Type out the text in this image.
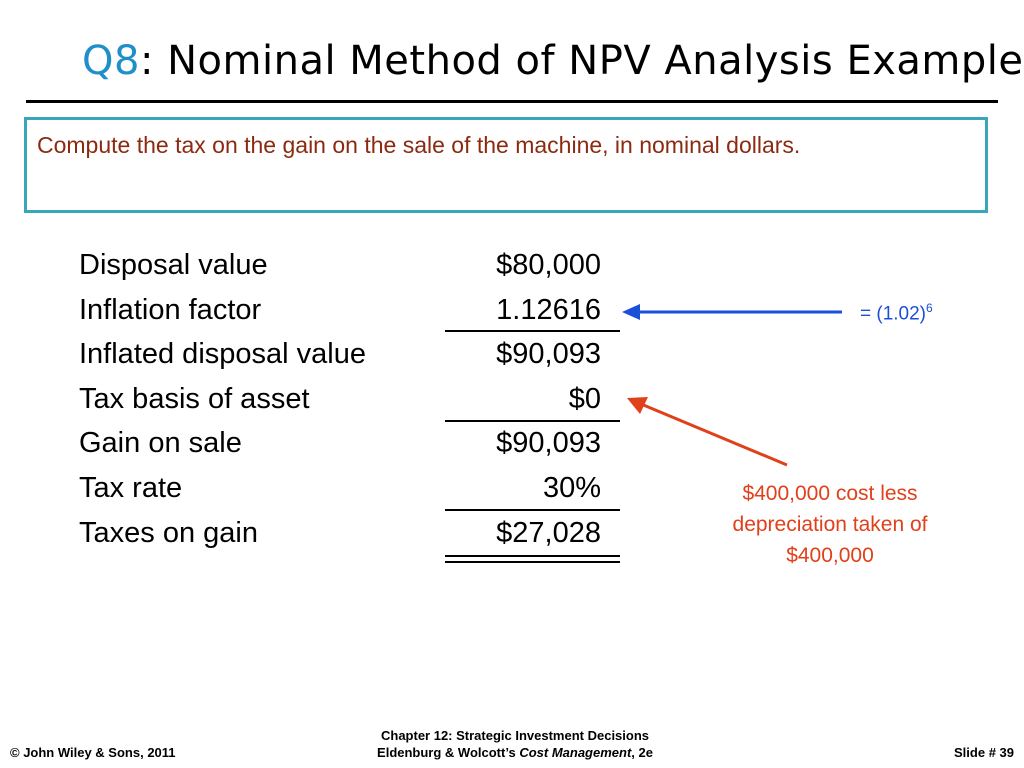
Q8: Nominal Method of NPV Analysis Example
Compute the tax on the gain on the sale of the machine, in nominal dollars.
Disposal value	$80,000
Inflation factor	1.12616
Inflated disposal value	$90,093
Tax basis of asset	$0
Gain on sale	$90,093
Tax rate	30%
Taxes on gain	$27,028
= $(1.02)^6$
$400,000 cost less depreciation taken of $400,000
© John Wiley & Sons, 2011
Chapter 12: Strategic Investment Decisions
Eldenburg & Wolcott’s Cost Management, 2e	Slide # 39
